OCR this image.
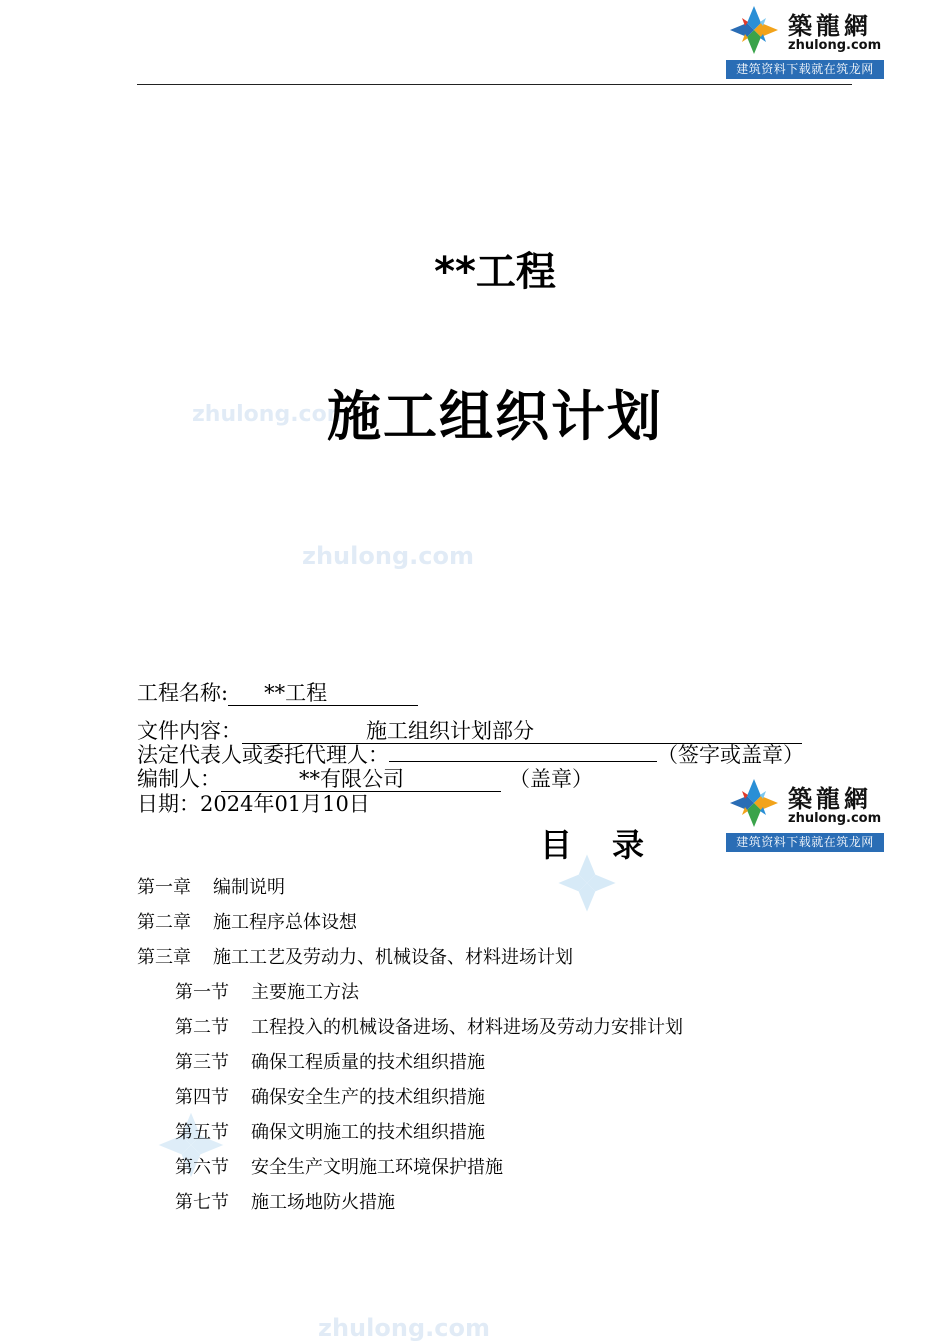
築龍網
zhulong.com
建筑资料下载就在筑龙网
zhulong.com
zhulong.com
zhulong.com
**工程
施工组织计划
工程名称: **工程
文件内容：	施工组织计划部分
法定代表人或委托代理人：	（签字或盖章）
编制人：	**有限公司	（盖章）
日期：2024年01月10日	築龍網
zhulong.com
建筑资料下载就在筑龙网
目录
第一章 编制说明
第二章 施工程序总体设想
第三章 施工工艺及劳动力、机械设备、材料进场计划
第一节 主要施工方法
第二节 工程投入的机械设备进场、材料进场及劳动力安排计划
第三节 确保工程质量的技术组织措施
第四节 确保安全生产的技术组织措施
第五节 确保文明施工的技术组织措施
第六节 安全生产文明施工环境保护措施
第七节 施工场地防火措施
